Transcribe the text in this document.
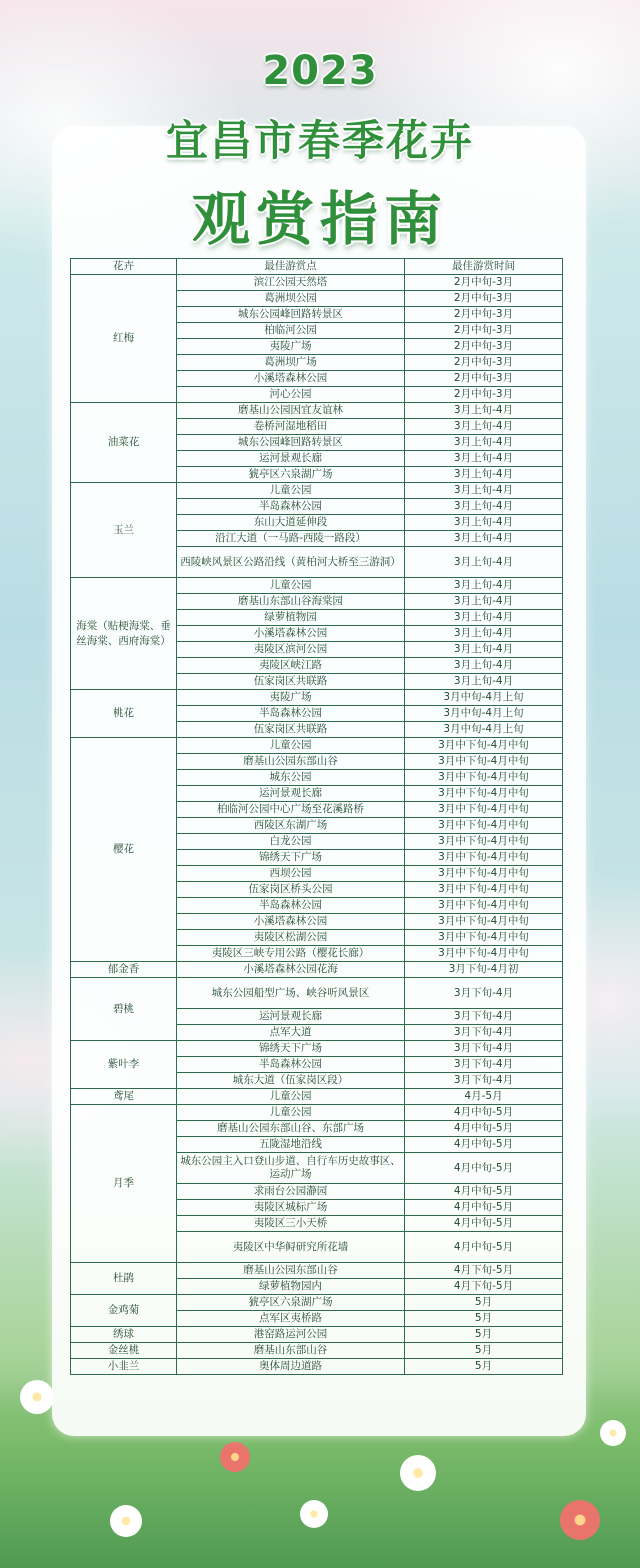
2023
宜昌市春季花卉
观赏指南
花卉	最佳游赏点	最佳游赏时间
红梅	滨江公园天然塔	2月中旬-3月
	葛洲坝公园	2月中旬-3月
	城东公园峰回路转景区	2月中旬-3月
	柏临河公园	2月中旬-3月
	夷陵广场	2月中旬-3月
	葛洲坝广场	2月中旬-3月
	小溪塔森林公园	2月中旬-3月
	河心公园	2月中旬-3月
油菜花	磨基山公园因宜友谊林	3月上旬-4月
	卷桥河湿地稻田	3月上旬-4月
	城东公园峰回路转景区	3月上旬-4月
	运河景观长廊	3月上旬-4月
	猇亭区六泉湖广场	3月上旬-4月
玉兰	儿童公园	3月上旬-4月
	半岛森林公园	3月上旬-4月
	东山大道延伸段	3月上旬-4月
	沿江大道（一马路-西陵一路段）	3月上旬-4月
	西陵峡风景区公路沿线（黄柏河大桥至三游洞）	3月上旬-4月
海棠（贴梗海棠、垂丝海棠、西府海棠）	儿童公园	3月上旬-4月
	磨基山东部山谷海棠园	3月上旬-4月
	绿萝植物园	3月上旬-4月
	小溪塔森林公园	3月上旬-4月
	夷陵区滨河公园	3月上旬-4月
	夷陵区峡江路	3月上旬-4月
	伍家岗区共联路	3月上旬-4月
桃花	夷陵广场	3月中旬-4月上旬
	半岛森林公园	3月中旬-4月上旬
	伍家岗区共联路	3月中旬-4月上旬
樱花	儿童公园	3月中下旬-4月中旬
	磨基山公园东部山谷	3月中下旬-4月中旬
	城东公园	3月中下旬-4月中旬
	运河景观长廊	3月中下旬-4月中旬
	柏临河公园中心广场至花溪路桥	3月中下旬-4月中旬
	西陵区东湖广场	3月中下旬-4月中旬
	白龙公园	3月中下旬-4月中旬
	锦绣天下广场	3月中下旬-4月中旬
	西坝公园	3月中下旬-4月中旬
	伍家岗区桥头公园	3月中下旬-4月中旬
	半岛森林公园	3月中下旬-4月中旬
	小溪塔森林公园	3月中下旬-4月中旬
	夷陵区松湖公园	3月中下旬-4月中旬
	夷陵区三峡专用公路（樱花长廊）	3月中下旬-4月中旬
郁金香	小溪塔森林公园花海	3月下旬-4月初
碧桃	城东公园船型广场、峡谷听风景区	3月下旬-4月
	运河景观长廊	3月下旬-4月
	点军大道	3月下旬-4月
紫叶李	锦绣天下广场	3月下旬-4月
	半岛森林公园	3月下旬-4月
	城东大道（伍家岗区段）	3月下旬-4月
鸢尾	儿童公园	4月-5月
月季	儿童公园	4月中旬-5月
	磨基山公园东部山谷、东部广场	4月中旬-5月
	五陇湿地沿线	4月中旬-5月
	城东公园主入口登山步道、自行车历史故事区、运动广场	4月中旬-5月
	求雨台公园瀞园	4月中旬-5月
	夷陵区城标广场	4月中旬-5月
	夷陵区三小天桥	4月中旬-5月
	夷陵区中华鲟研究所花墙	4月中旬-5月
杜鹃	磨基山公园东部山谷	4月下旬-5月
	绿萝植物园内	4月下旬-5月
金鸡菊	猇亭区六泉湖广场	5月
	点军区夷桥路	5月
绣球	港窑路运河公园	5月
金丝桃	磨基山东部山谷	5月
小韭兰	奥体周边道路	5月
